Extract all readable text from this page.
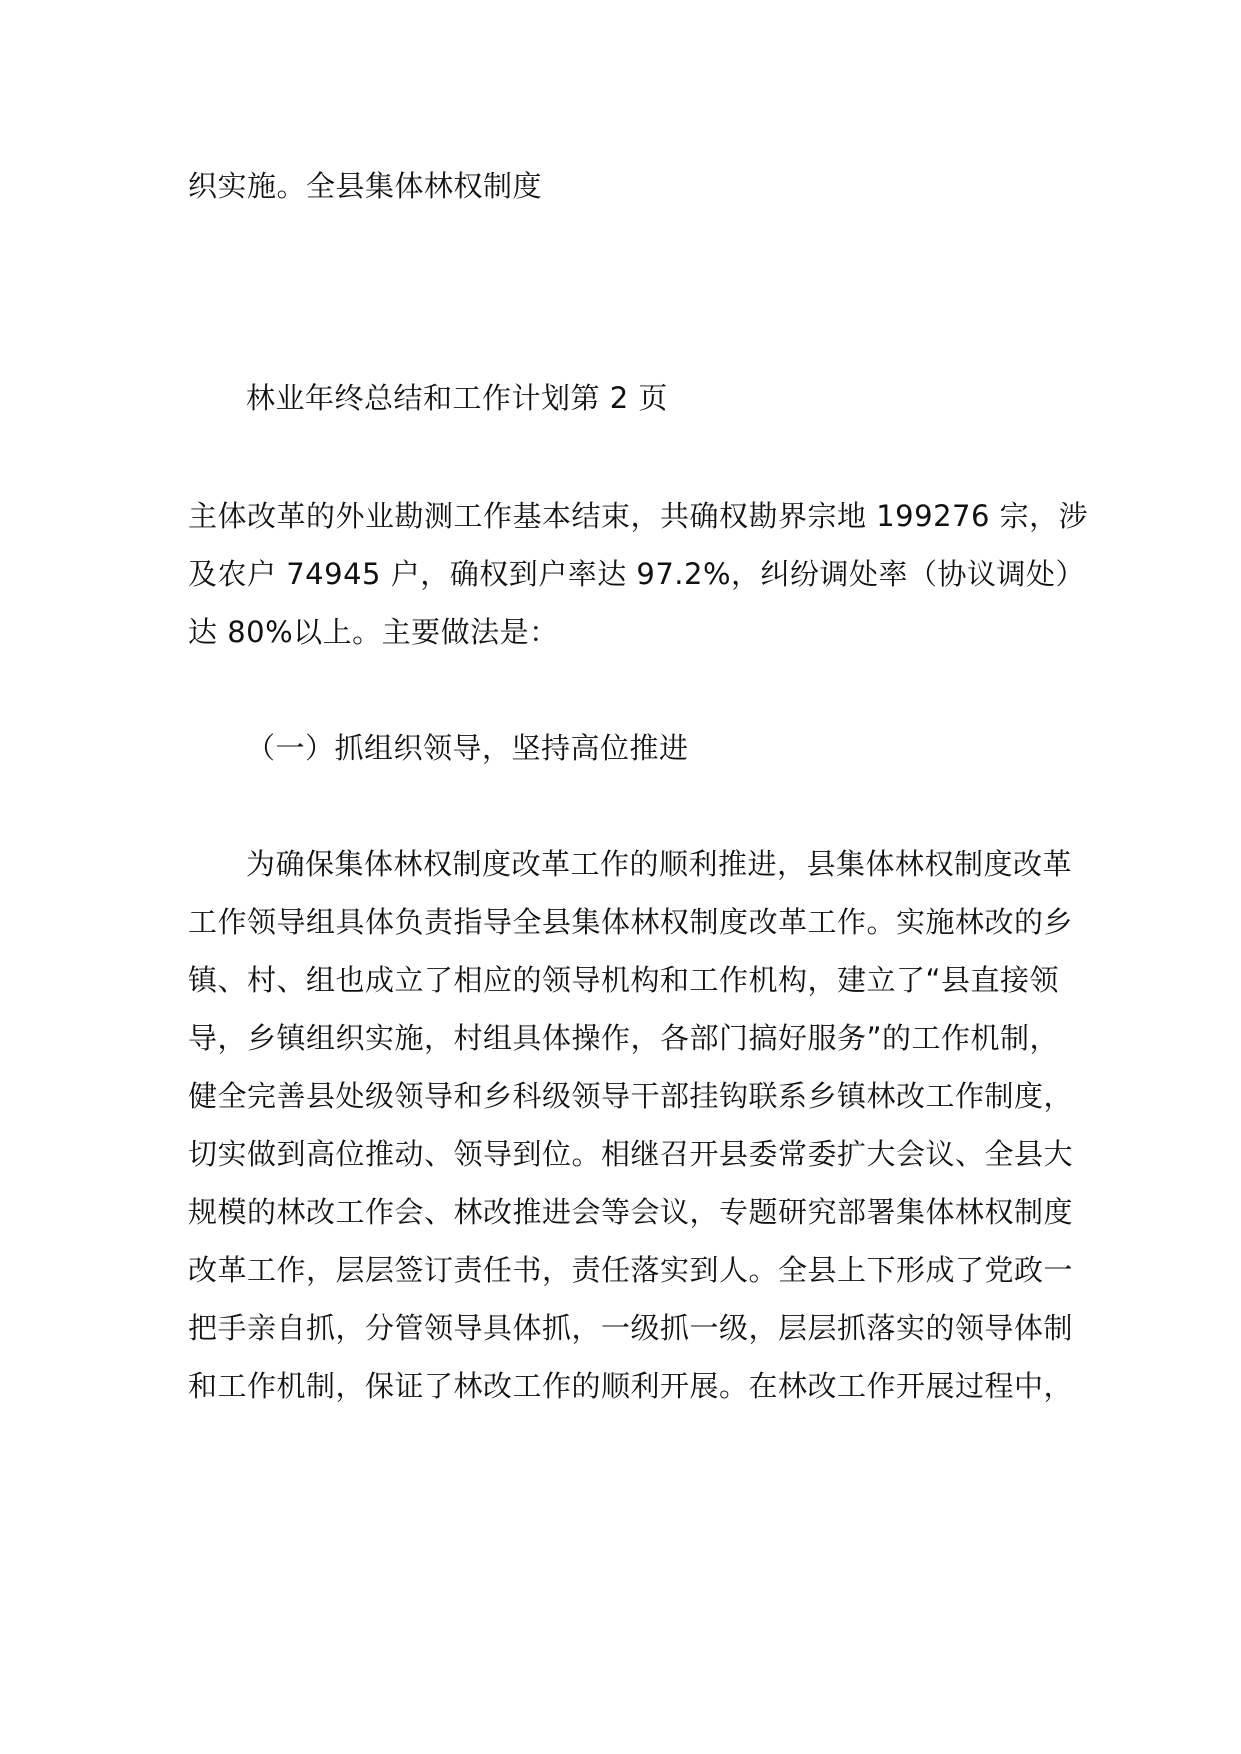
织实施。全县集体林权制度
林业年终总结和工作计划第 2 页
主体改革的外业勘测工作基本结束，共确权勘界宗地 199276 宗，涉
及农户 74945 户，确权到户率达 97.2%，纠纷调处率（协议调处）
达 80%以上。主要做法是：
（一）抓组织领导，坚持高位推进
为确保集体林权制度改革工作的顺利推进，县集体林权制度改革
工作领导组具体负责指导全县集体林权制度改革工作。实施林改的乡
镇、村、组也成立了相应的领导机构和工作机构，建立了“县直接领
导，乡镇组织实施，村组具体操作，各部门搞好服务”的工作机制，
健全完善县处级领导和乡科级领导干部挂钩联系乡镇林改工作制度，
切实做到高位推动、领导到位。相继召开县委常委扩大会议、全县大
规模的林改工作会、林改推进会等会议，专题研究部署集体林权制度
改革工作，层层签订责任书，责任落实到人。全县上下形成了党政一
把手亲自抓，分管领导具体抓，一级抓一级，层层抓落实的领导体制
和工作机制，保证了林改工作的顺利开展。在林改工作开展过程中，
